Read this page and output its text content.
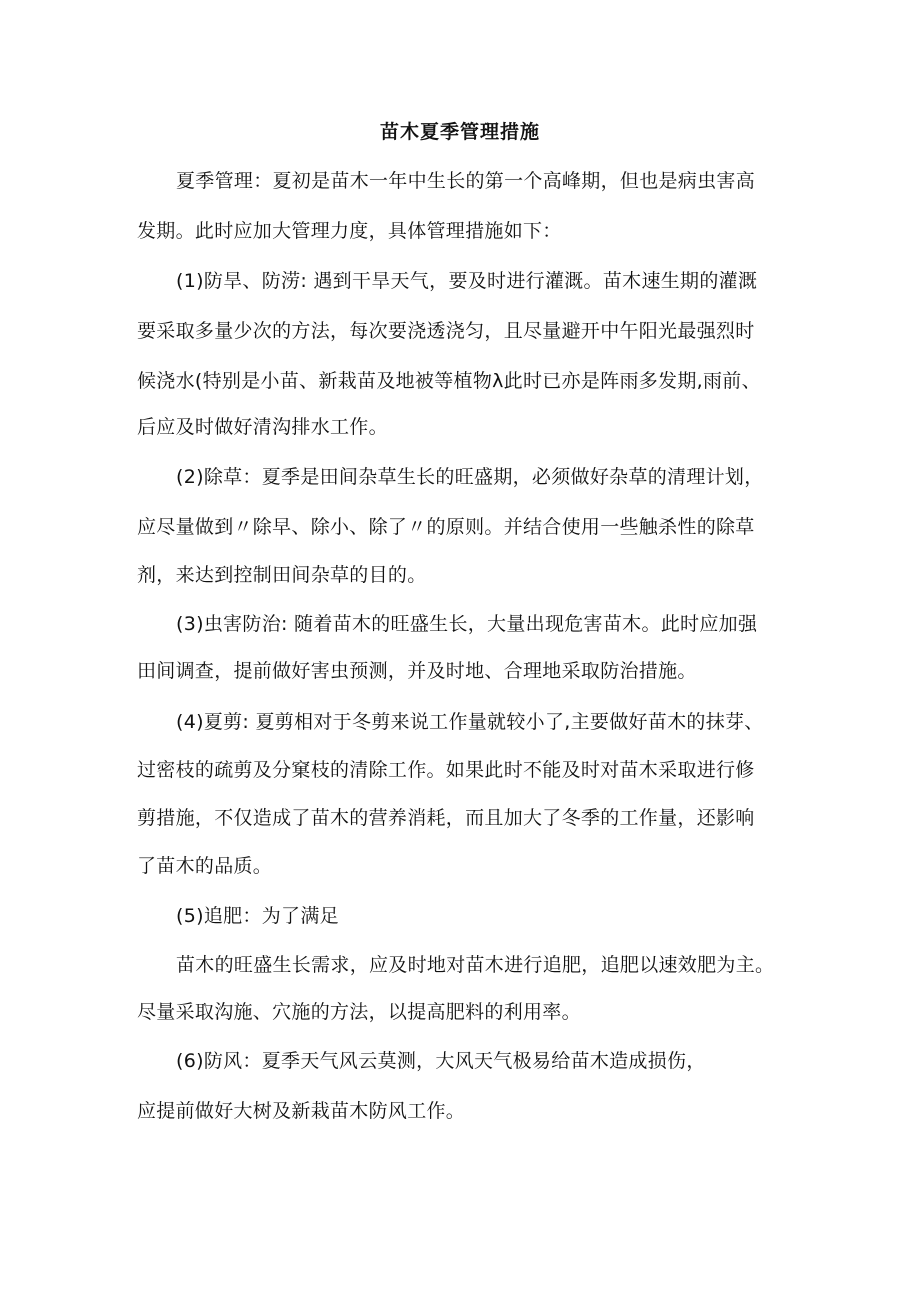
苗木夏季管理措施
夏季管理：夏初是苗木一年中生长的第一个高峰期，但也是病虫害高
发期。此时应加大管理力度，具体管理措施如下：
(1)防旱、防涝: 遇到干旱天气，要及时进行灌溉。苗木速生期的灌溉
要采取多量少次的方法，每次要浇透浇匀，且尽量避开中午阳光最强烈时
候浇水(特别是小苗、新栽苗及地被等植物λ此时已亦是阵雨多发期,雨前、
后应及时做好清沟排水工作。
(2)除草：夏季是田间杂草生长的旺盛期，必须做好杂草的清理计划，
应尽量做到〃除早、除小、除了〃的原则。并结合使用一些触杀性的除草
剂，来达到控制田间杂草的目的。
(3)虫害防治: 随着苗木的旺盛生长，大量出现危害苗木。此时应加强
田间调查，提前做好害虫预测，并及时地、合理地采取防治措施。
(4)夏剪: 夏剪相对于冬剪来说工作量就较小了,主要做好苗木的抹芽、
过密枝的疏剪及分窠枝的清除工作。如果此时不能及时对苗木采取进行修
剪措施，不仅造成了苗木的营养消耗，而且加大了冬季的工作量，还影响
了苗木的品质。
(5)追肥：为了满足
苗木的旺盛生长需求，应及时地对苗木进行追肥，追肥以速效肥为主。
尽量采取沟施、穴施的方法，以提高肥料的利用率。
(6)防风：夏季天气风云莫测，大风天气极易给苗木造成损伤，
应提前做好大树及新栽苗木防风工作。
